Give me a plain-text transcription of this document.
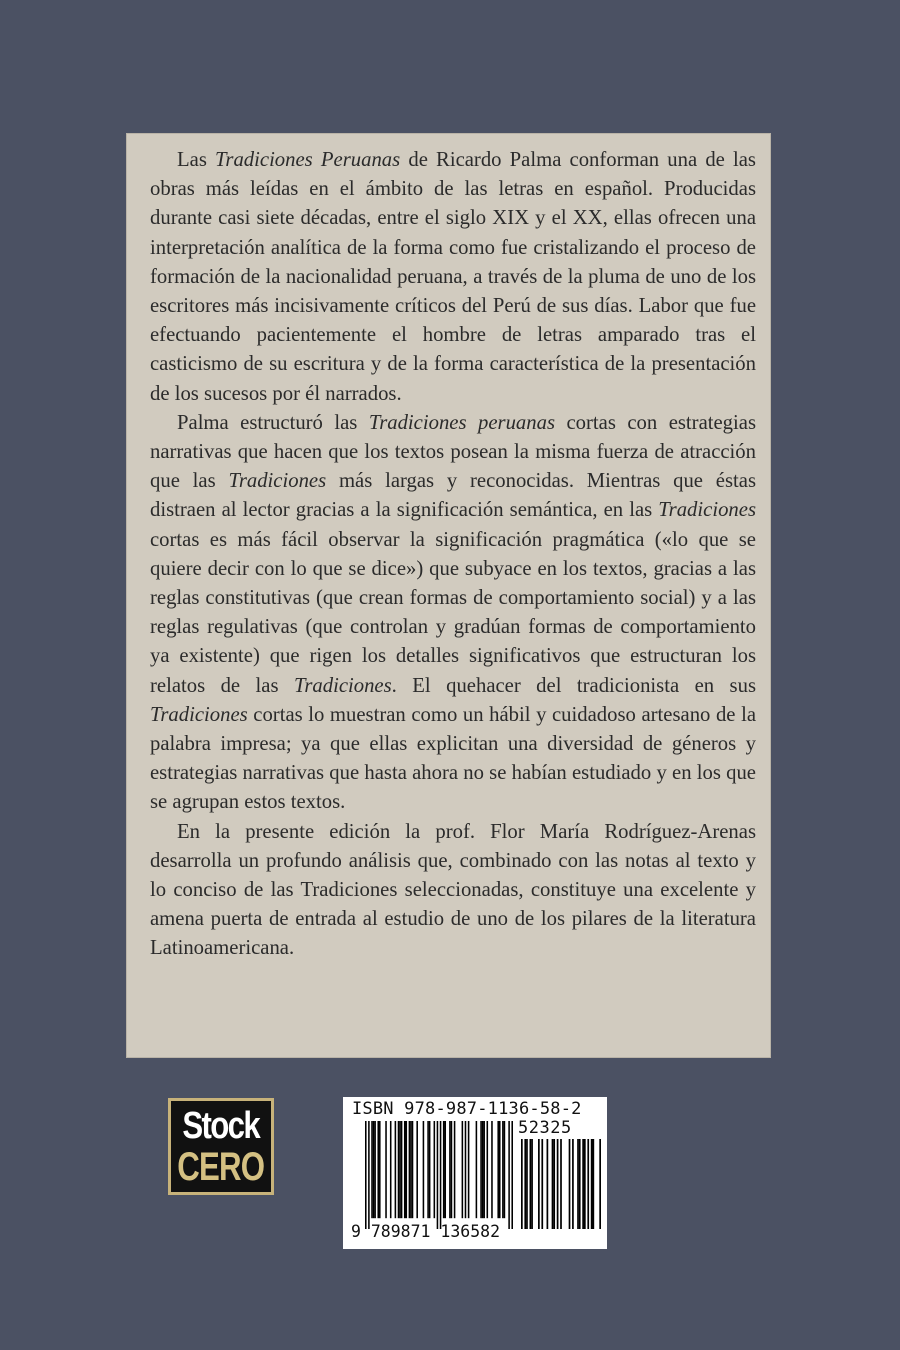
Las Tradiciones Peruanas de Ricardo Palma conforman una de las obras más leídas en el ámbito de las letras en español. Producidas durante casi siete décadas, entre el siglo XIX y el XX, ellas ofrecen una interpretación analítica de la forma como fue cristalizando el proceso de formación de la nacionalidad peruana, a través de la pluma de uno de los escritores más incisivamente críticos del Perú de sus días. Labor que fue efectuando pacientemente el hombre de letras amparado tras el casticismo de su escritura y de la forma característica de la presentación de los sucesos por él narrados.

Palma estructuró las Tradiciones peruanas cortas con estrategias narrativas que hacen que los textos posean la misma fuerza de atracción que las Tradiciones más largas y reconocidas. Mientras que éstas distraen al lector gracias a la significación semántica, en las Tradiciones cortas es más fácil observar la significación pragmática («lo que se quiere decir con lo que se dice») que subyace en los textos, gracias a las reglas constitutivas (que crean formas de comportamiento social) y a las reglas regulativas (que controlan y gradúan formas de comportamiento ya existente) que rigen los detalles significativos que estructuran los relatos de las Tradiciones. El quehacer del tradicionista en sus Tradiciones cortas lo muestran como un hábil y cuidadoso artesano de la palabra impresa; ya que ellas explicitan una diversidad de géneros y estrategias narrativas que hasta ahora no se habían estudiado y en los que se agrupan estos textos.

En la presente edición la prof. Flor María Rodríguez-Arenas desarrolla un profundo análisis que, combinado con las notas al texto y lo conciso de las Tradiciones seleccionadas, constituye una excelente y amena puerta de entrada al estudio de uno de los pilares de la literatura Latinoamericana.

Stock
CERO
ISBN 978-987-1136-58-2
52325
9 789871 136582
